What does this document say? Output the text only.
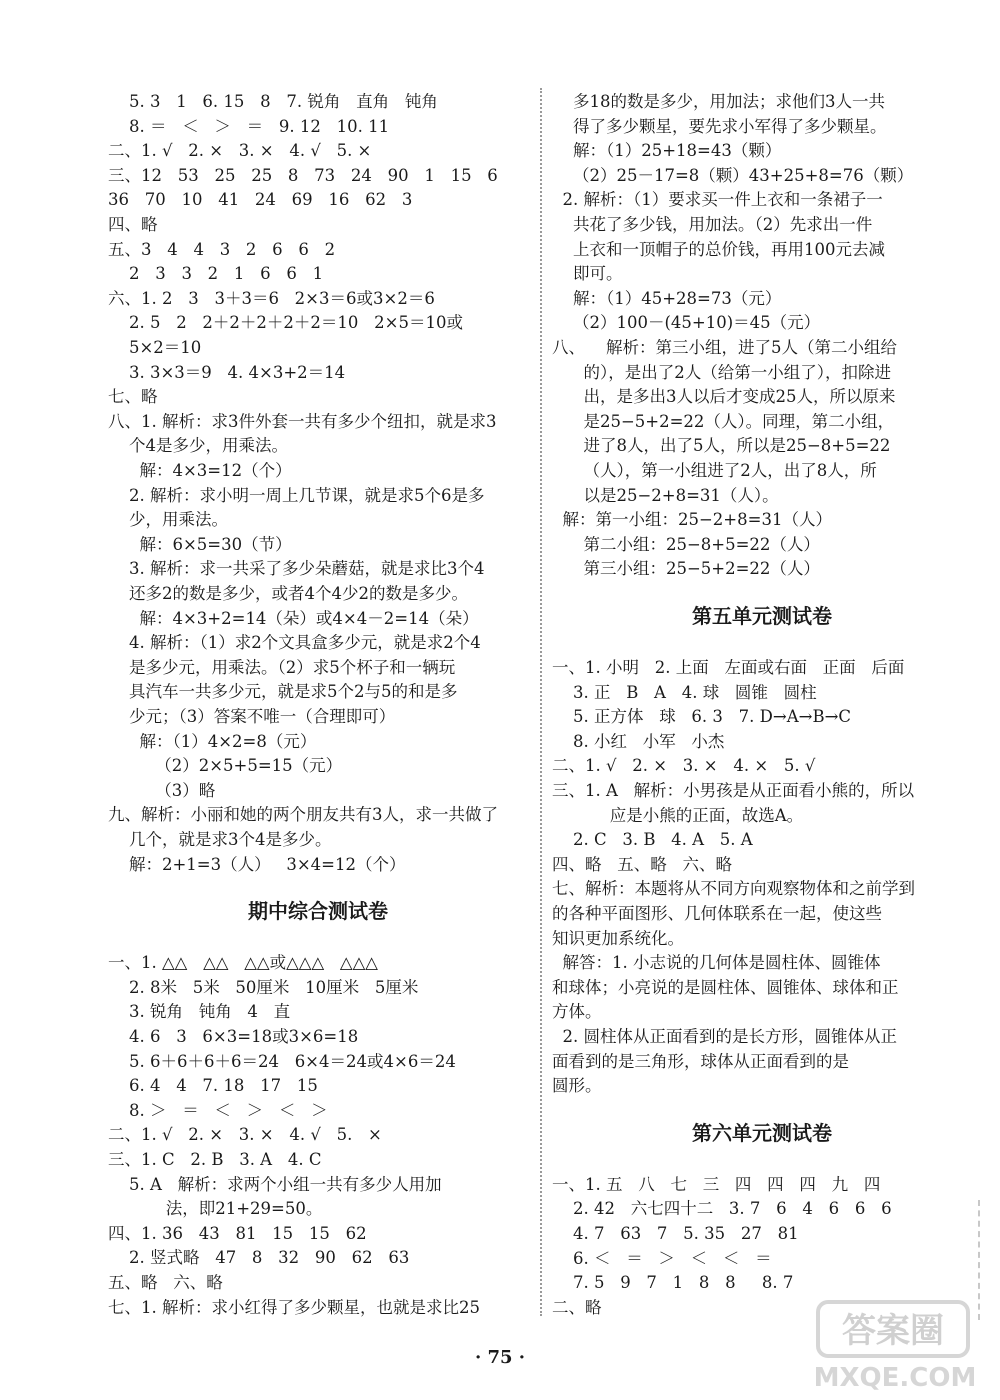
5. 3   1   6. 15   8   7. 锐角   直角   钝角
8. ＝   ＜   ＞   ＝   9. 12   10. 11
二、1. √   2. ×   3. ×   4. √   5. ×
三、12   53   25   25   8   73   24   90   1   15   6
36   70   10   41   24   69   16   62   3
四、略
五、3   4   4   3   2   6   6   2
2   3   3   2   1   6   6   1
六、1. 2   3   3＋3＝6   2×3＝6或3×2＝6
2. 5   2   2＋2＋2＋2＋2＝10   2×5＝10或
5×2＝10
3. 3×3＝9   4. 4×3+2＝14
七、略
八、1. 解析：求3件外套一共有多少个纽扣，就是求3
个4是多少，用乘法。
解：4×3=12（个）
2. 解析：求小明一周上几节课，就是求5个6是多
少，用乘法。
解：6×5=30（节）
3. 解析：求一共采了多少朵蘑菇，就是求比3个4
还多2的数是多少，或者4个4少2的数是多少。
解：4×3+2=14（朵）或4×4－2=14（朵）
4. 解析：（1）求2个文具盒多少元，就是求2个4
是多少元，用乘法。（2）求5个杯子和一辆玩
具汽车一共多少元，就是求5个2与5的和是多
少元；（3）答案不唯一（合理即可）
解：（1）4×2=8（元）
（2）2×5+5=15（元）
（3）略
九、解析：小丽和她的两个朋友共有3人，求一共做了
几个，就是求3个4是多少。
解：2+1=3（人）   3×4=12（个）
期中综合测试卷
一、1. △△   △△   △△或△△△   △△△
2. 8米   5米   50厘米   10厘米   5厘米
3. 锐角   钝角   4   直
4. 6   3   6×3=18或3×6=18
5. 6＋6＋6＋6＝24   6×4＝24或4×6＝24
6. 4   4   7. 18   17   15
8. ＞   ＝   ＜   ＞   ＜   ＞
二、1. √   2. ×   3. ×   4. √   5.   ×
三、1. C   2. B   3. A   4. C
5. A   解析：求两个小组一共有多少人用加
法，即21+29=50。
四、1. 36   43   81   15   15   62
2. 竖式略   47   8   32   90   62   63
五、略   六、略
七、1. 解析：求小红得了多少颗星，也就是求比25
多18的数是多少，用加法；求他们3人一共
得了多少颗星，要先求小军得了多少颗星。
解：（1）25+18=43（颗）
（2）25－17=8（颗）43+25+8=76（颗）
2. 解析：（1）要求买一件上衣和一条裙子一
共花了多少钱，用加法。（2）先求出一件
上衣和一顶帽子的总价钱，再用100元去减
即可。
解：（1）45+28=73（元）
（2）100－(45+10)＝45（元）
八、    解析：第三小组，进了5人（第二小组给
的），是出了2人（给第一小组了），扣除进
出，是多出3人以后才变成25人，所以原来
是25−5+2=22（人）。同理，第二小组，
进了8人，出了5人，所以是25−8+5=22
（人），第一小组进了2人，出了8人，所
以是25−2+8=31（人）。
解：第一小组：25−2+8=31（人）
第二小组：25−8+5=22（人）
第三小组：25−5+2=22（人）
第五单元测试卷
一、1. 小明   2. 上面   左面或右面   正面   后面
3. 正   B   A   4. 球   圆锥   圆柱
5. 正方体   球   6. 3   7. D→A→B→C
8. 小红   小军   小杰
二、1. √   2. ×   3. ×   4. ×   5. √
三、1. A   解析：小男孩是从正面看小熊的，所以
应是小熊的正面，故选A。
2. C   3. B   4. A   5. A
四、略   五、略   六、略
七、解析：本题将从不同方向观察物体和之前学到
的各种平面图形、几何体联系在一起，使这些
知识更加系统化。
解答：1. 小志说的几何体是圆柱体、圆锥体
和球体；小亮说的是圆柱体、圆锥体、球体和正
方体。
2. 圆柱体从正面看到的是长方形，圆锥体从正
面看到的是三角形，球体从正面看到的是
圆形。
第六单元测试卷
一、1. 五   八   七   三   四   四   四   九   四
2. 42   六七四十二   3. 7   6   4   6   6   6
4. 7   63   7   5. 35   27   81
6. ＜   ＝   ＞   ＜   ＜   ＝
7. 5   9   7   1   8   8     8. 7
二、略
· 75 ·
答案圈
MXQE.COM
